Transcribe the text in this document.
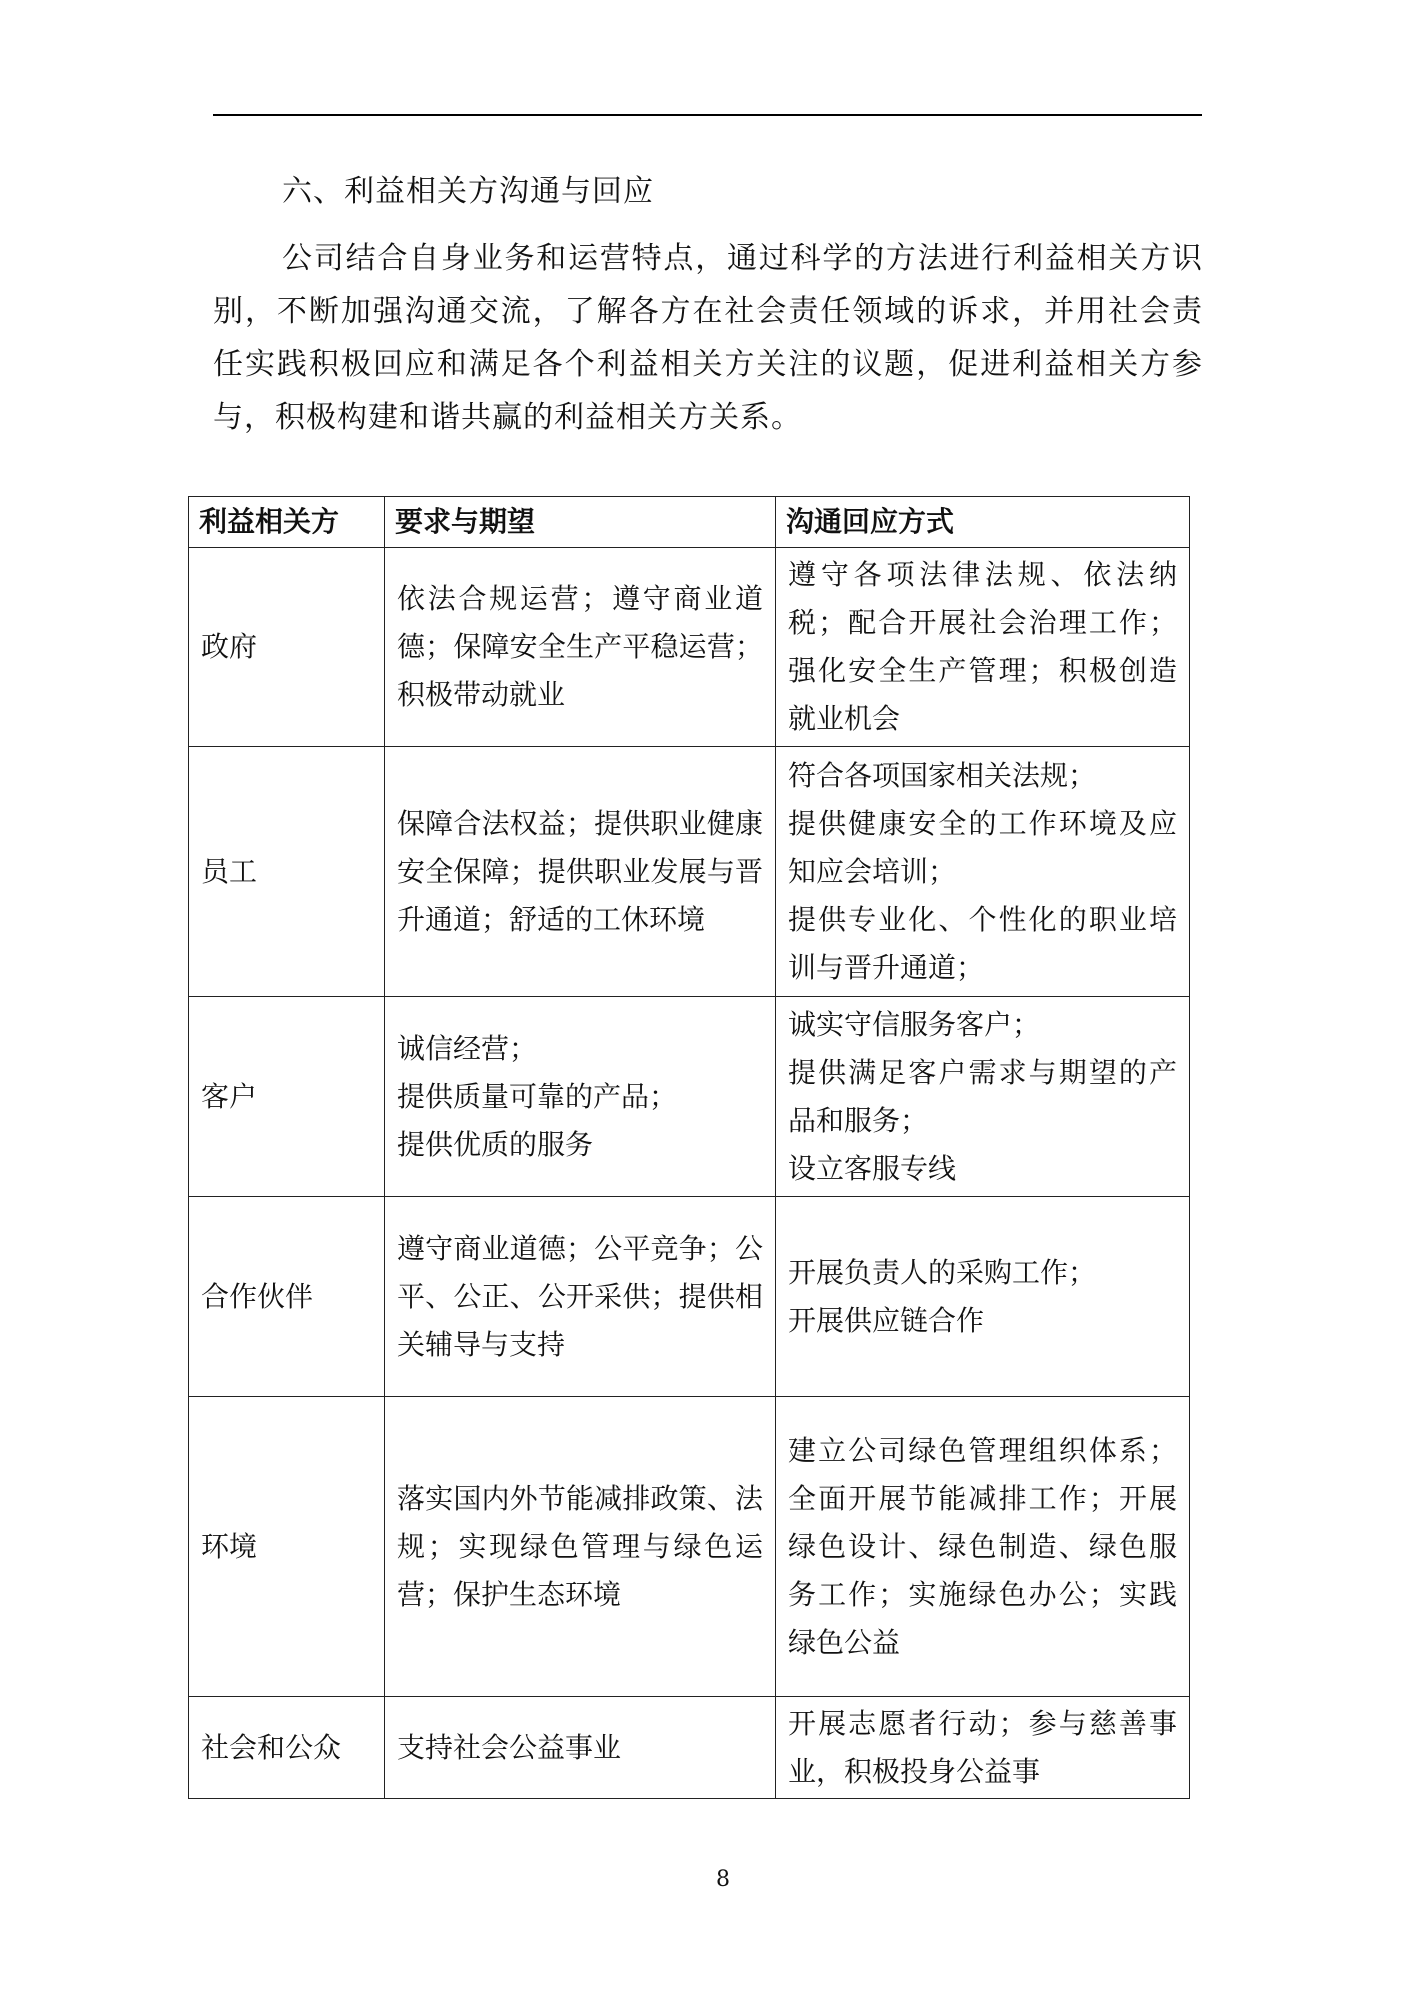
六、利益相关方沟通与回应

公司结合自身业务和运营特点，通过科学的方法进行利益相关方识别，不断加强沟通交流，了解各方在社会责任领域的诉求，并用社会责任实践积极回应和满足各个利益相关方关注的议题，促进利益相关方参与，积极构建和谐共赢的利益相关方关系。

利益相关方	要求与期望	沟通回应方式
政府	依法合规运营；遵守商业道德；保障安全生产平稳运营；积极带动就业	遵守各项法律法规、依法纳税；配合开展社会治理工作；强化安全生产管理；积极创造就业机会

员工	保障合法权益；提供职业健康安全保障；提供职业发展与晋升通道；舒适的工休环境	符合各项国家相关法规；
提供健康安全的工作环境及应知应会培训；
提供专业化、个性化的职业培训与晋升通道；

客户	诚信经营；
提供质量可靠的产品；
提供优质的服务	诚实守信服务客户；
提供满足客户需求与期望的产品和服务；
设立客服专线

合作伙伴	遵守商业道德；公平竞争；公平、公正、公开采供；提供相关辅导与支持	开展负责人的采购工作；
开展供应链合作

环境	落实国内外节能减排政策、法规；实现绿色管理与绿色运营；保护生态环境	建立公司绿色管理组织体系；全面开展节能减排工作；开展绿色设计、绿色制造、绿色服务工作；实施绿色办公；实践绿色公益

社会和公众	支持社会公益事业	开展志愿者行动；参与慈善事业，积极投身公益事
8
